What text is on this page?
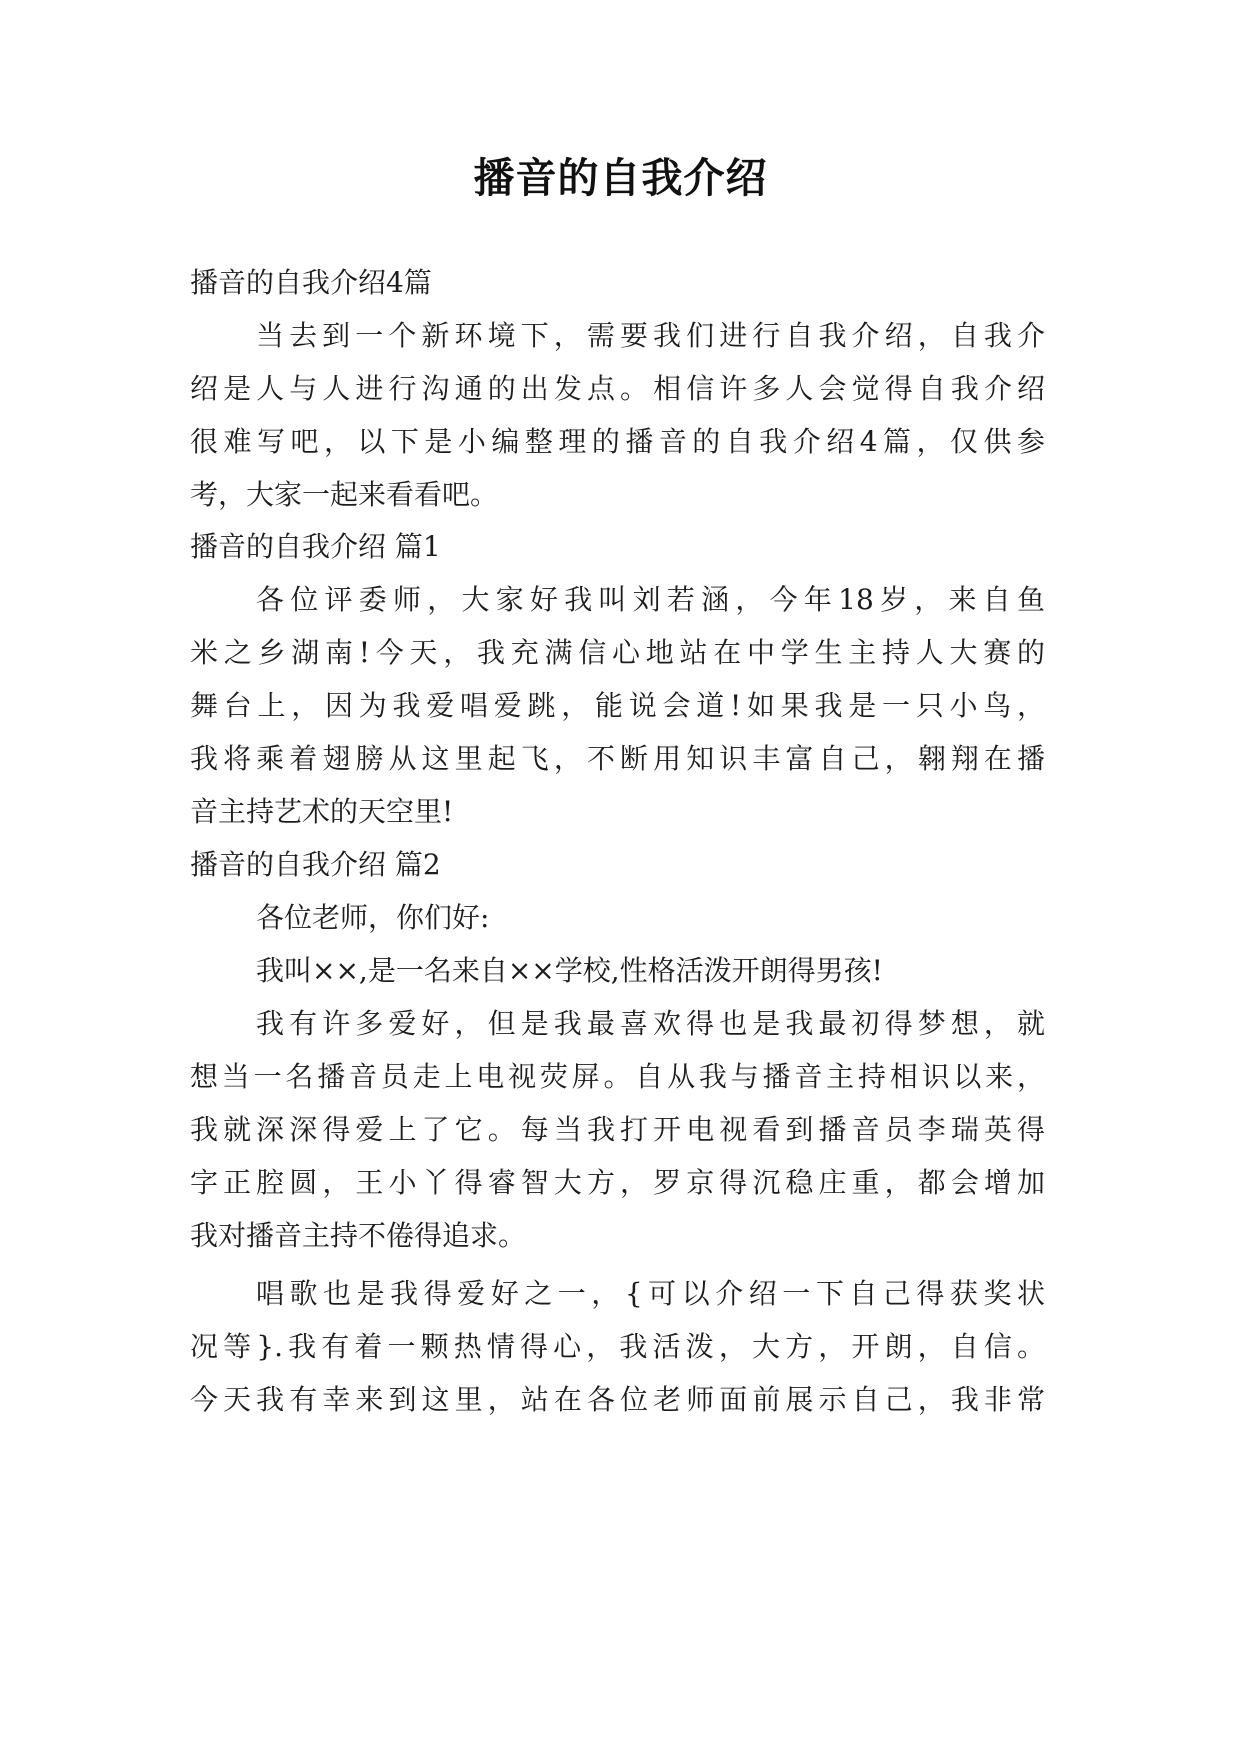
播音的自我介绍
播音的自我介绍4篇
当去到一个新环境下，需要我们进行自我介绍，自我介
绍是人与人进行沟通的出发点。相信许多人会觉得自我介绍
很难写吧，以下是小编整理的播音的自我介绍4篇，仅供参
考，大家一起来看看吧。
播音的自我介绍 篇1
各位评委师，大家好我叫刘若涵，今年18岁，来自鱼
米之乡湖南!今天，我充满信心地站在中学生主持人大赛的
舞台上，因为我爱唱爱跳，能说会道!如果我是一只小鸟，
我将乘着翅膀从这里起飞，不断用知识丰富自己，翱翔在播
音主持艺术的天空里!
播音的自我介绍 篇2
各位老师，你们好:
我叫××,是一名来自××学校,性格活泼开朗得男孩!
我有许多爱好，但是我最喜欢得也是我最初得梦想，就
想当一名播音员走上电视荧屏。自从我与播音主持相识以来，
我就深深得爱上了它。每当我打开电视看到播音员李瑞英得
字正腔圆，王小丫得睿智大方，罗京得沉稳庄重，都会增加
我对播音主持不倦得追求。
唱歌也是我得爱好之一，{可以介绍一下自己得获奖状
况等}.我有着一颗热情得心，我活泼，大方，开朗，自信。
今天我有幸来到这里，站在各位老师面前展示自己，我非常
